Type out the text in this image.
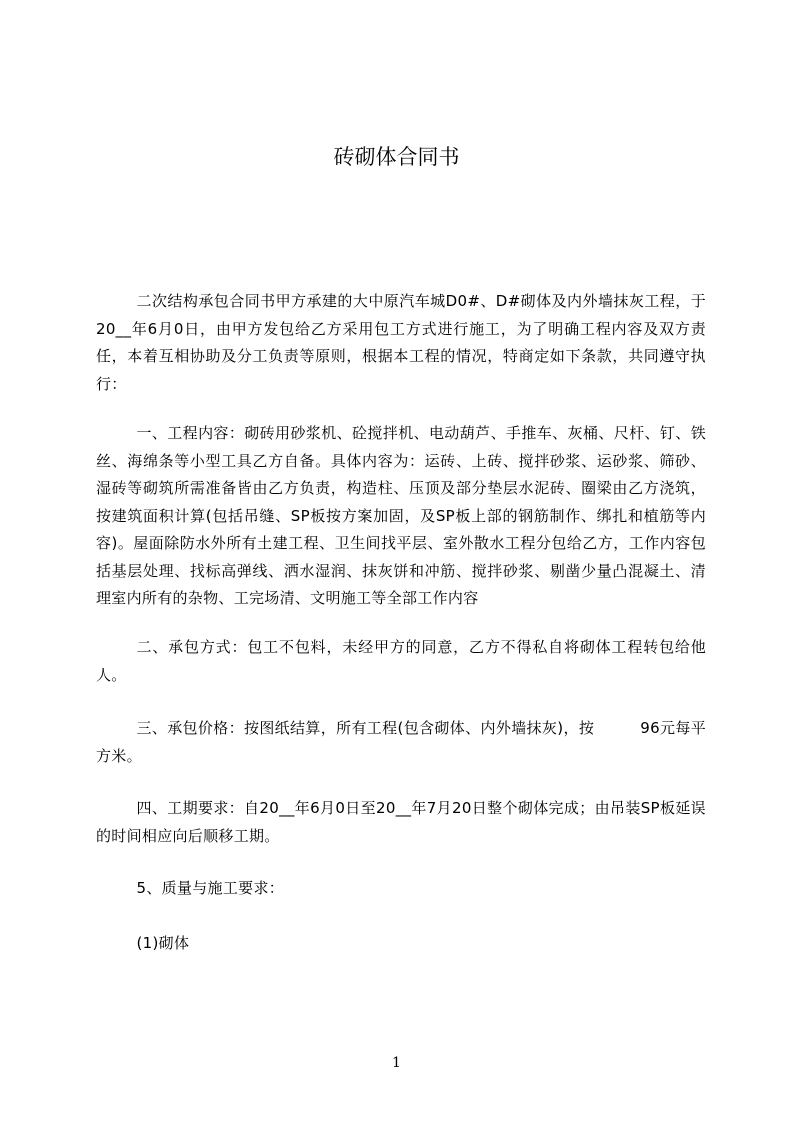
砖砌体合同书

二次结构承包合同书甲方承建的大中原汽车城D0#、D#砌体及内外墙抹灰工程，于20__年6月0日，由甲方发包给乙方采用包工方式进行施工，为了明确工程内容及双方责任，本着互相协助及分工负责等原则，根据本工程的情况，特商定如下条款，共同遵守执行：

一、工程内容：砌砖用砂浆机、砼搅拌机、电动葫芦、手推车、灰桶、尺杆、钉、铁丝、海绵条等小型工具乙方自备。具体内容为：运砖、上砖、搅拌砂浆、运砂浆、筛砂、湿砖等砌筑所需准备皆由乙方负责，构造柱、压顶及部分垫层水泥砖、圈梁由乙方浇筑，按建筑面积计算(包括吊缝、SP板按方案加固，及SP板上部的钢筋制作、绑扎和植筋等内容)。屋面除防水外所有土建工程、卫生间找平层、室外散水工程分包给乙方，工作内容包括基层处理、找标高弹线、洒水湿润、抹灰饼和冲筋、搅拌砂浆、剔凿少量凸混凝土、清理室内所有的杂物、工完场清、文明施工等全部工作内容

二、承包方式：包工不包料，未经甲方的同意，乙方不得私自将砌体工程转包给他人。

三、承包价格：按图纸结算，所有工程(包含砌体、内外墙抹灰)，按　　　96元每平方米。

四、工期要求：自20__年6月0日至20__年7月20日整个砌体完成；由吊装SP板延误的时间相应向后顺移工期。

5、质量与施工要求：

(1)砌体

1
